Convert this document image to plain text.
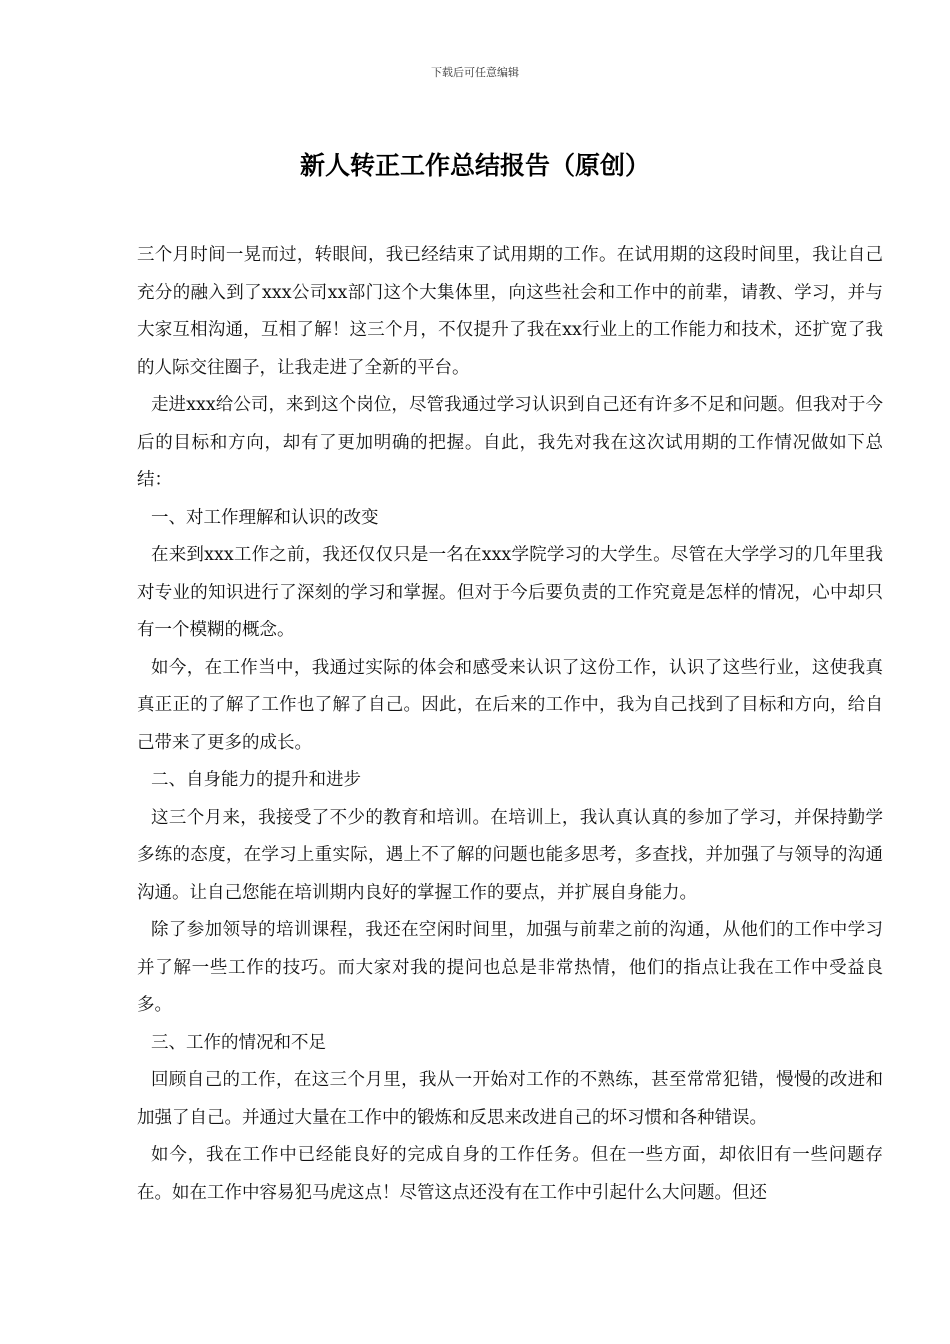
下载后可任意编辑
新人转正工作总结报告（原创）

三个月时间一晃而过，转眼间，我已经结束了试用期的工作。在试用期的这段时间里，我让自己充分的融入到了xxx公司xx部门这个大集体里，向这些社会和工作中的前辈，请教、学习，并与大家互相沟通，互相了解！这三个月，不仅提升了我在xx行业上的工作能力和技术，还扩宽了我的人际交往圈子，让我走进了全新的平台。

走进xxx给公司，来到这个岗位，尽管我通过学习认识到自己还有许多不足和问题。但我对于今后的目标和方向，却有了更加明确的把握。自此，我先对我在这次试用期的工作情况做如下总结：

一、对工作理解和认识的改变

在来到xxx工作之前，我还仅仅只是一名在xxx学院学习的大学生。尽管在大学学习的几年里我对专业的知识进行了深刻的学习和掌握。但对于今后要负责的工作究竟是怎样的情况，心中却只有一个模糊的概念。

如今，在工作当中，我通过实际的体会和感受来认识了这份工作，认识了这些行业，这使我真真正正的了解了工作也了解了自己。因此，在后来的工作中，我为自己找到了目标和方向，给自己带来了更多的成长。

二、自身能力的提升和进步

这三个月来，我接受了不少的教育和培训。在培训上，我认真认真的参加了学习，并保持勤学多练的态度，在学习上重实际，遇上不了解的问题也能多思考，多查找，并加强了与领导的沟通沟通。让自己您能在培训期内良好的掌握工作的要点，并扩展自身能力。

除了参加领导的培训课程，我还在空闲时间里，加强与前辈之前的沟通，从他们的工作中学习并了解一些工作的技巧。而大家对我的提问也总是非常热情，他们的指点让我在工作中受益良多。

三、工作的情况和不足

回顾自己的工作，在这三个月里，我从一开始对工作的不熟练，甚至常常犯错，慢慢的改进和加强了自己。并通过大量在工作中的锻炼和反思来改进自己的坏习惯和各种错误。

如今，我在工作中已经能良好的完成自身的工作任务。但在一些方面，却依旧有一些问题存在。如在工作中容易犯马虎这点！尽管这点还没有在工作中引起什么大问题。但还
